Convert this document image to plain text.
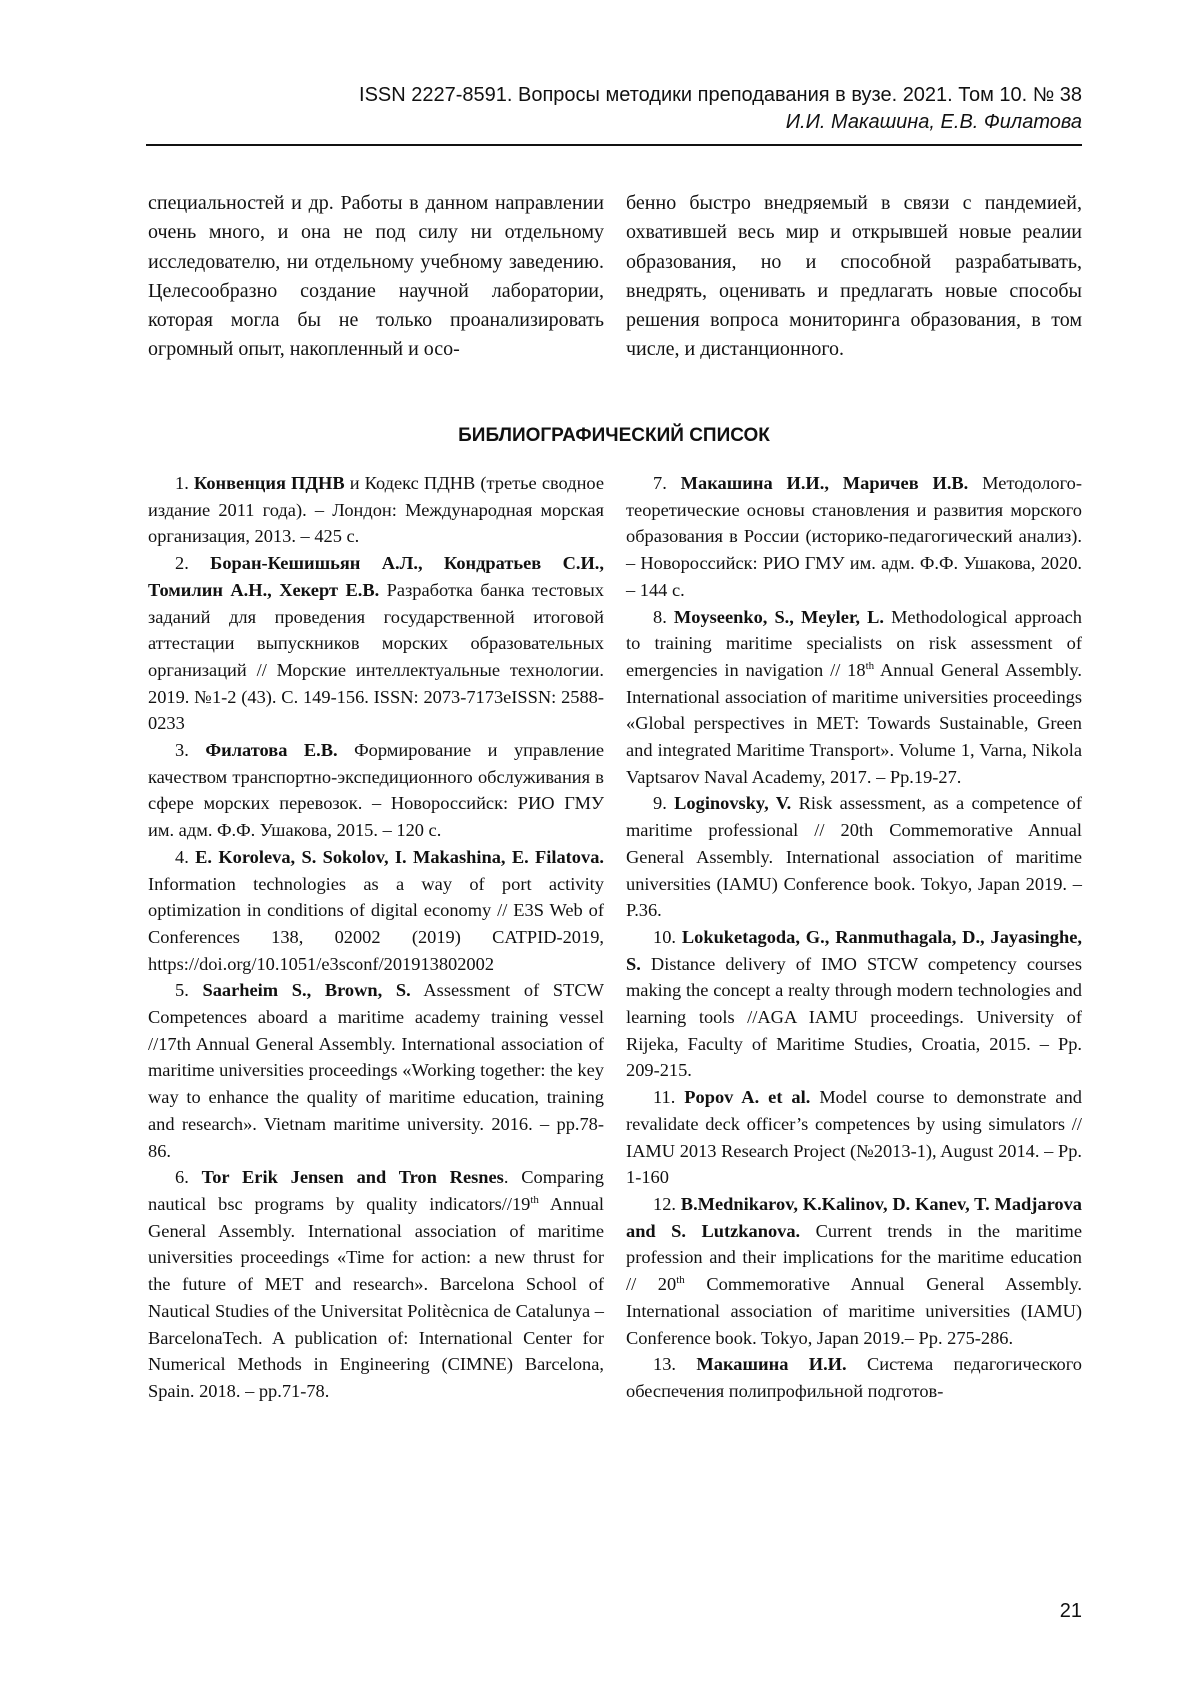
ISSN 2227-8591. Вопросы методики преподавания в вузе. 2021. Том 10. № 38
И.И. Макашина, Е.В. Филатова

специальностей и др. Работы в данном направлении очень много, и она не под силу ни отдельному исследователю, ни отдельному учебному заведению. Целесообразно создание научной лаборатории, которая могла бы не только проанализировать огромный опыт, накопленный и осо-

бенно быстро внедряемый в связи с пандемией, охватившей весь мир и открывшей новые реалии образования, но и способной разрабатывать, внедрять, оценивать и предлагать новые способы решения вопроса мониторинга образования, в том числе, и дистанционного.

БИБЛИОГРАФИЧЕСКИЙ СПИСОК

1. Конвенция ПДНВ и Кодекс ПДНВ (третье сводное издание 2011 года). – Лондон: Международная морская организация, 2013. – 425 с.

2. Боран-Кешишьян А.Л., Кондратьев С.И., Томилин А.Н., Хекерт Е.В. Разработка банка тестовых заданий для проведения государственной итоговой аттестации выпускников морских образовательных организаций // Морские интеллектуальные технологии. 2019. №1-2 (43). С. 149-156. ISSN: 2073-7173eISSN: 2588-0233

3. Филатова Е.В. Формирование и управление качеством транспортно-экспедиционного обслуживания в сфере морских перевозок. – Новороссийск: РИО ГМУ им. адм. Ф.Ф. Ушакова, 2015. – 120 с.

4. E. Koroleva, S. Sokolov, I. Makashina, E. Filatova. Information technologies as a way of port activity optimization in conditions of digital economy // E3S Web of Conferences 138, 02002 (2019) CATPID-2019, https://doi.org/10.1051/e3sconf/201913802002

5. Saarheim S., Brown, S. Assessment of STCW Competences aboard a maritime academy training vessel //17th Annual General Assembly. International association of maritime universities proceedings «Working together: the key way to enhance the quality of maritime education, training and research». Vietnam maritime university. 2016. – pp.78-86.

6. Tor Erik Jensen and Tron Resnes. Comparing nautical bsc programs by quality indicators//19th Annual General Assembly. International association of maritime universities proceedings «Time for action: a new thrust for the future of MET and research». Barcelona School of Nautical Studies of the Universitat Politècnica de Catalunya – BarcelonaTech. A publication of: International Center for Numerical Methods in Engineering (CIMNE) Barcelona, Spain. 2018. – pp.71-78.

7. Макашина И.И., Маричев И.В. Методолого-теоретические основы становления и развития морского образования в России (историко-педагогический анализ). – Новороссийск: РИО ГМУ им. адм. Ф.Ф. Ушакова, 2020. – 144 с.

8. Moyseenko, S., Meyler, L. Methodological approach to training maritime specialists on risk assessment of emergencies in navigation // 18th Annual General Assembly. International association of maritime universities proceedings «Global perspectives in MET: Towards Sustainable, Green and integrated Maritime Transport». Volume 1, Varna, Nikola Vaptsarov Naval Academy, 2017. – Pp.19-27.

9. Loginovsky, V. Risk assessment, as a competence of maritime professional // 20th Commemorative Annual General Assembly. International association of maritime universities (IAMU) Conference book. Tokyo, Japan 2019. – P.36.

10. Lokuketagoda, G., Ranmuthagala, D., Jayasinghe, S. Distance delivery of IMO STCW competency courses making the concept a realty through modern technologies and learning tools //AGA IAMU proceedings. University of Rijeka, Faculty of Maritime Studies, Croatia, 2015. – Pp. 209-215.

11. Popov A. et al. Model course to demonstrate and revalidate deck officer’s competences by using simulators // IAMU 2013 Research Project (№2013-1), August 2014. – Pp. 1-160

12. B.Mednikarov, K.Kalinov, D. Kanev, T. Madjarova and S. Lutzkanova. Current trends in the maritime profession and their implications for the maritime education // 20th Commemorative Annual General Assembly. International association of maritime universities (IAMU) Conference book. Tokyo, Japan 2019.– Pp. 275-286.

13. Макашина И.И. Система педагогического обеспечения полипрофильной подготов-

21
